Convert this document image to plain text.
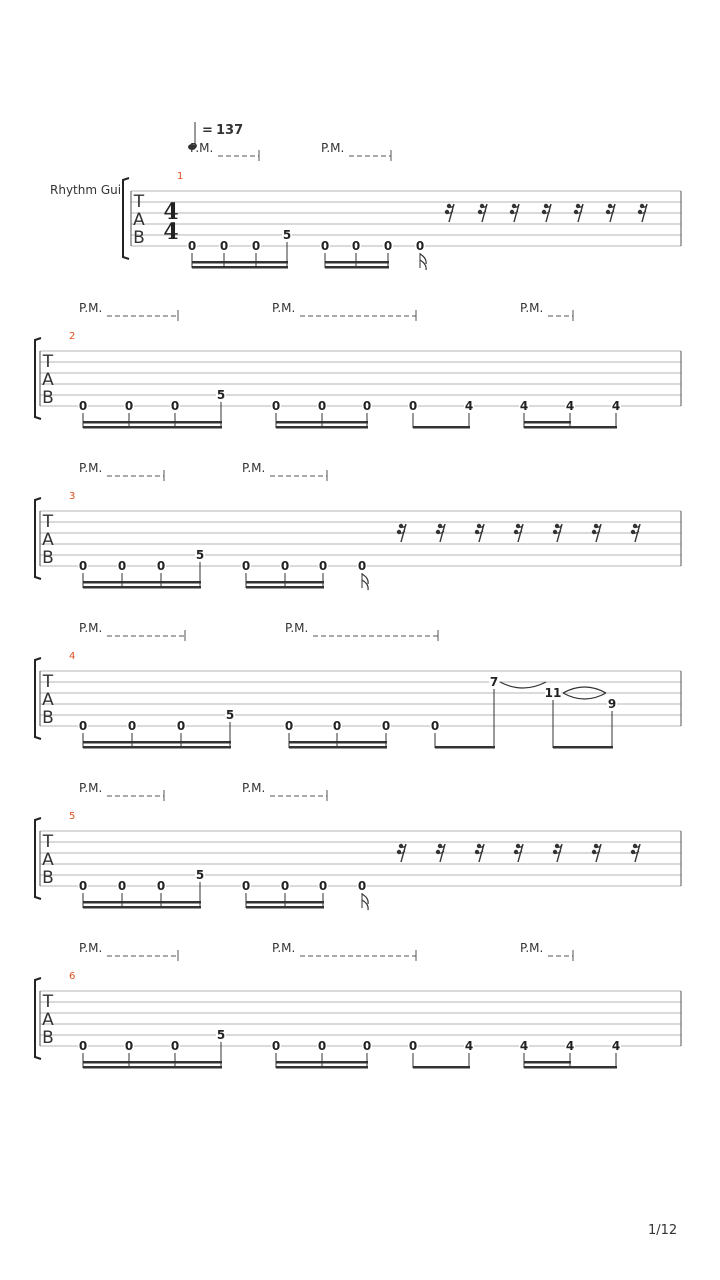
= 137
Rhythm Gui
P.M.	P.M.
1
T
A
B
4
4
0 0 0
5
0 0 0 0
P.M.	P.M.	P.M.
2
T
A
B 0	0	0
5
0	0	0	0	4	4	4	4
P.M.	P.M.
3
T
A
B 0	0	0
5
0	0 0	0
P.M.	P.M.
4
T
A
B 0	0	0
5
0	0	0	0
7
11
9
P.M.	P.M.
5
T
A
B 0	0	0
5
0	0 0	0
P.M.	P.M.	P.M.
6
T
A
B 0	0	0
5
0	0	0	0	4	4	4	4
1/12
